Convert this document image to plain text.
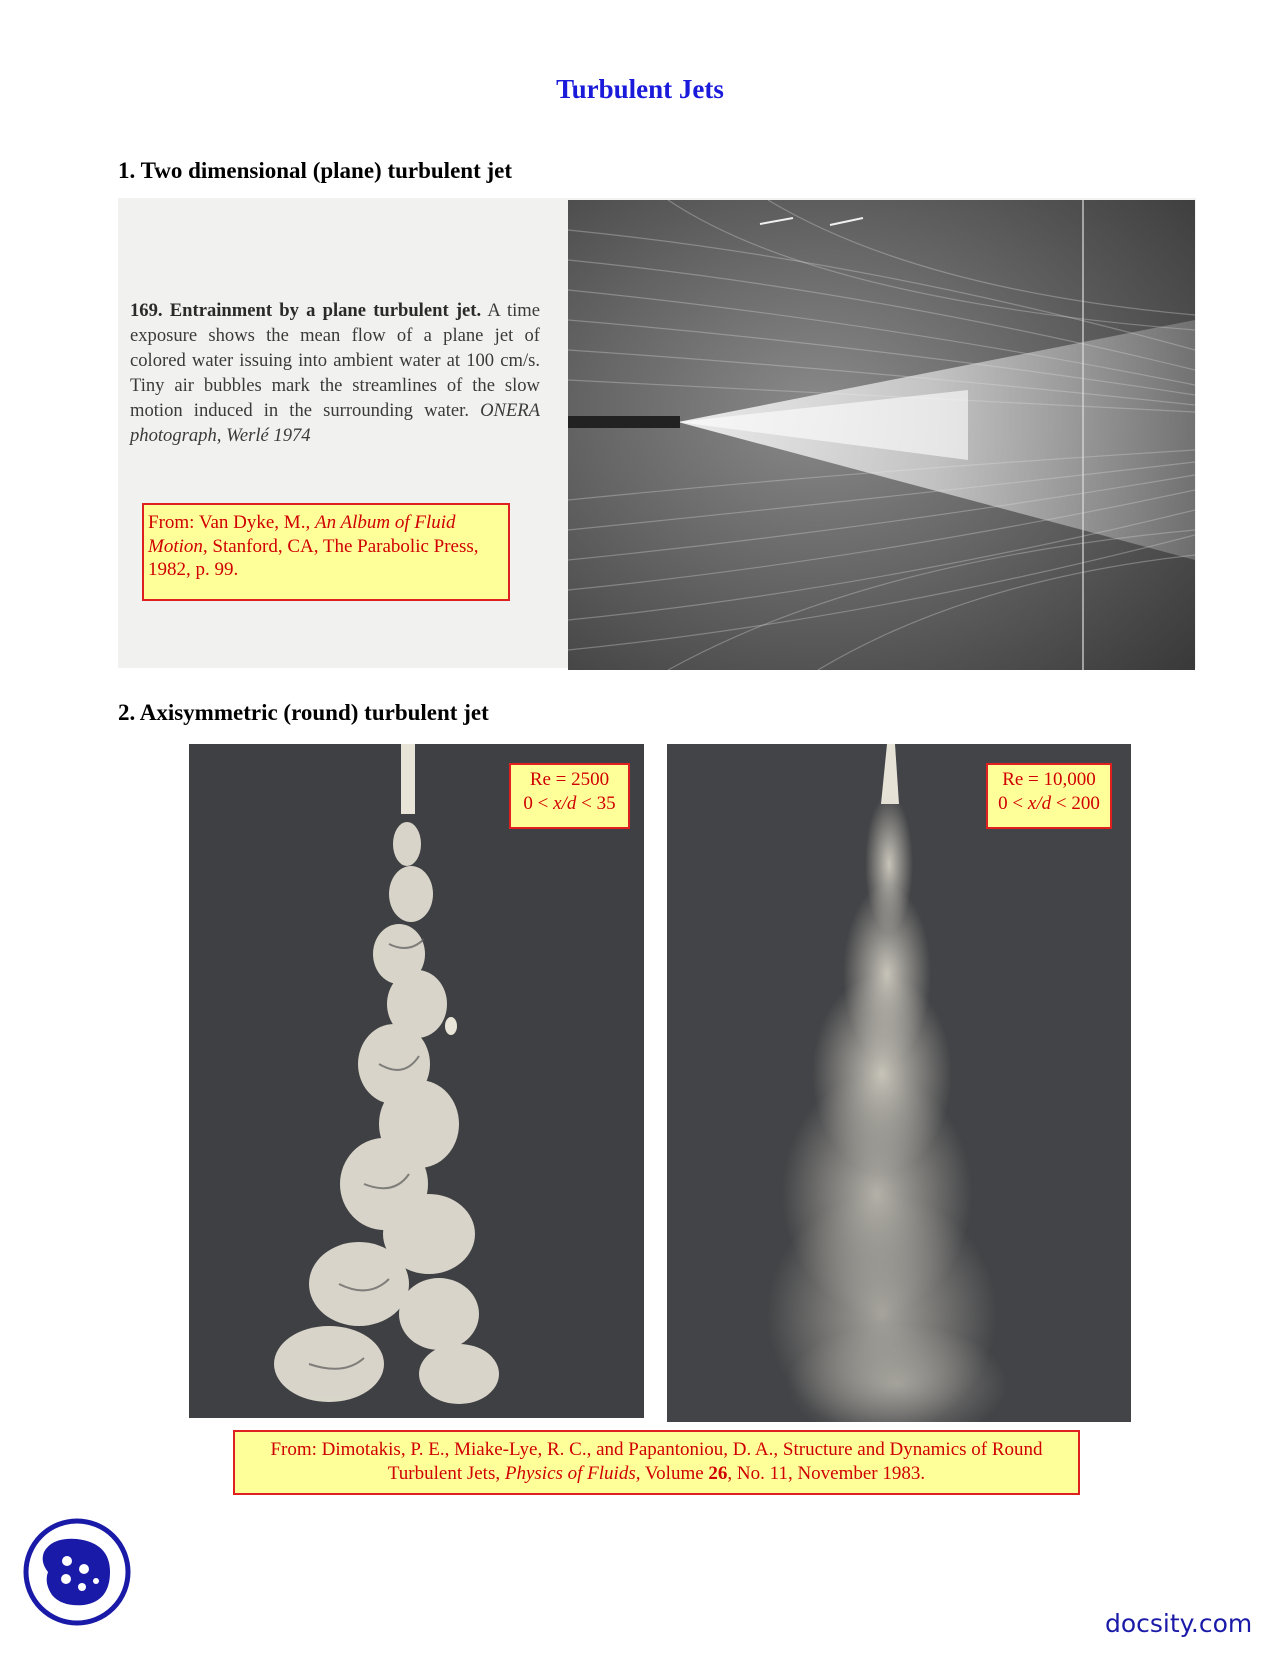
Turbulent Jets
1. Two dimensional (plane) turbulent jet
169. Entrainment by a plane turbulent jet. A time exposure shows the mean flow of a plane jet of colored water issuing into ambient water at 100 cm/s. Tiny air bubbles mark the streamlines of the slow motion induced in the surrounding water. ONERA photograph, Werlé 1974
From: Van Dyke, M., An Album of Fluid Motion, Stanford, CA, The Parabolic Press, 1982, p. 99.
2. Axisymmetric (round) turbulent jet
Re = 2500
0 < x/d < 35
Re = 10,000
0 < x/d < 200
From: Dimotakis, P. E., Miake-Lye, R. C., and Papantoniou, D. A., Structure and Dynamics of Round Turbulent Jets, Physics of Fluids, Volume 26, No. 11, November 1983.
docsity.com
